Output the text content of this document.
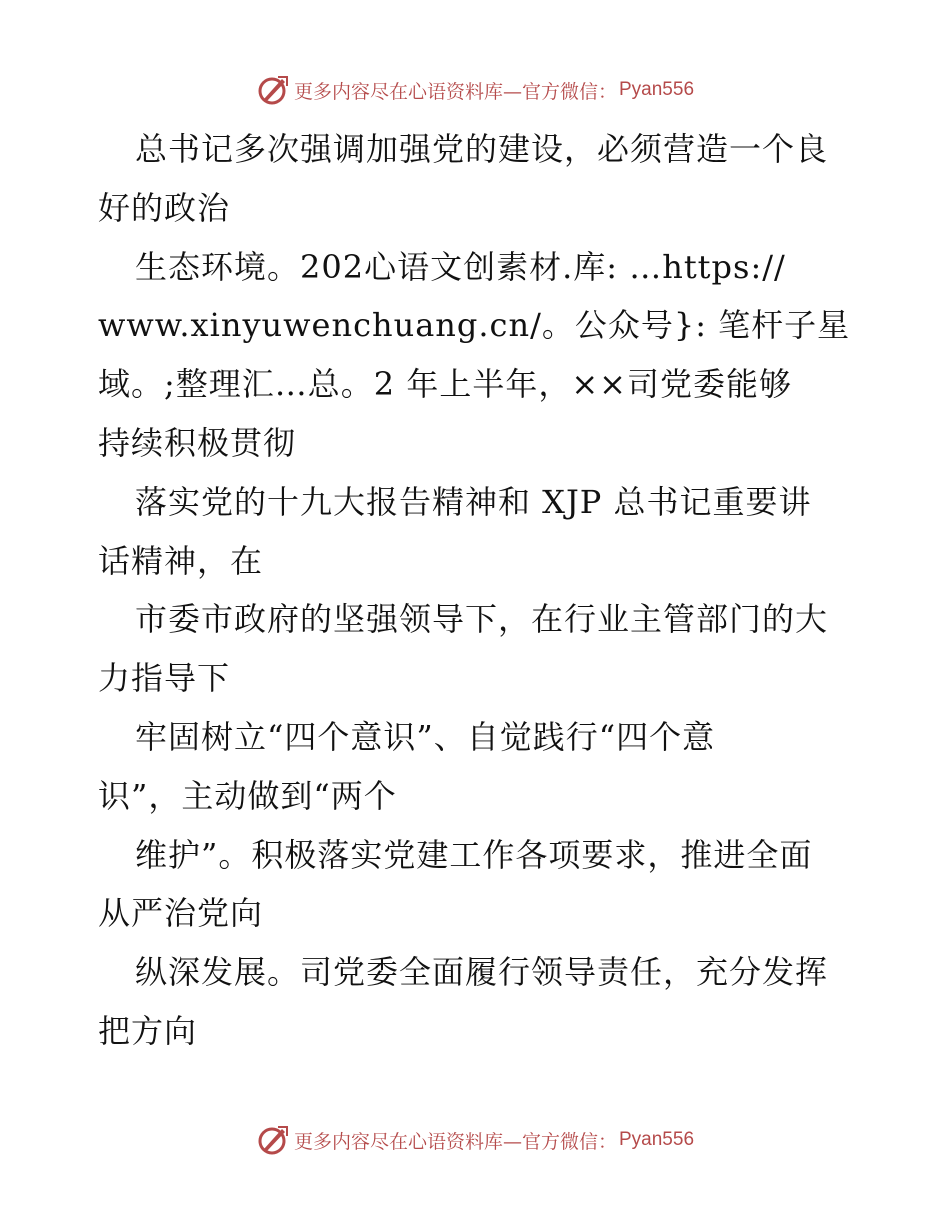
更多内容尽在心语资料库—官方微信： Pyan556
总书记多次强调加强党的建设，必须营造一个良
好的政治
生态环境。202心语文创素材.库: …https://
www.xinyuwenchuang.cn/。公众号}: 笔杆子星
域。;整理汇…总。2 年上半年，××司党委能够
持续积极贯彻
落实党的十九大报告精神和 XJP 总书记重要讲
话精神，在
市委市政府的坚强领导下，在行业主管部门的大
力指导下
牢固树立“四个意识”、自觉践行“四个意
识”，主动做到“两个
维护”。积极落实党建工作各项要求，推进全面
从严治党向
纵深发展。司党委全面履行领导责任，充分发挥
把方向
更多内容尽在心语资料库—官方微信： Pyan556
